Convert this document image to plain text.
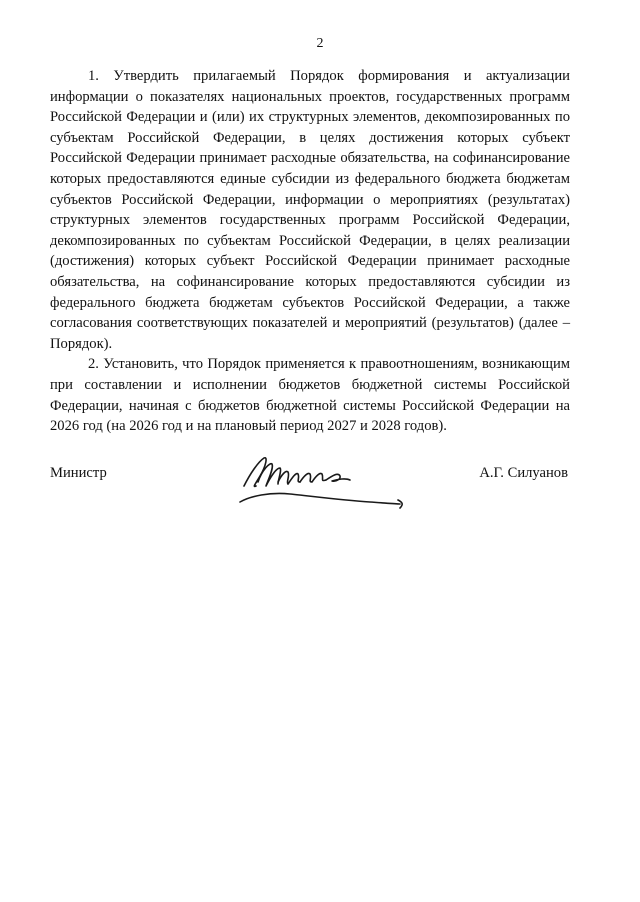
2

1. Утвердить прилагаемый Порядок формирования и актуализации информации о показателях национальных проектов, государственных программ Российской Федерации и (или) их структурных элементов, декомпозированных по субъектам Российской Федерации, в целях достижения которых субъект Российской Федерации принимает расходные обязательства, на софинансирование которых предоставляются единые субсидии из федерального бюджета бюджетам субъектов Российской Федерации, информации о мероприятиях (результатах) структурных элементов государственных программ Российской Федерации, декомпозированных по субъектам Российской Федерации, в целях реализации (достижения) которых субъект Российской Федерации принимает расходные обязательства, на софинансирование которых предоставляются субсидии из федерального бюджета бюджетам субъектов Российской Федерации, а также согласования соответствующих показателей и мероприятий (результатов) (далее – Порядок).

2. Установить, что Порядок применяется к правоотношениям, возникающим при составлении и исполнении бюджетов бюджетной системы Российской Федерации, начиная с бюджетов бюджетной системы Российской Федерации на 2026 год (на 2026 год и на плановый период 2027 и 2028 годов).

Министр	А.Г. Силуанов
